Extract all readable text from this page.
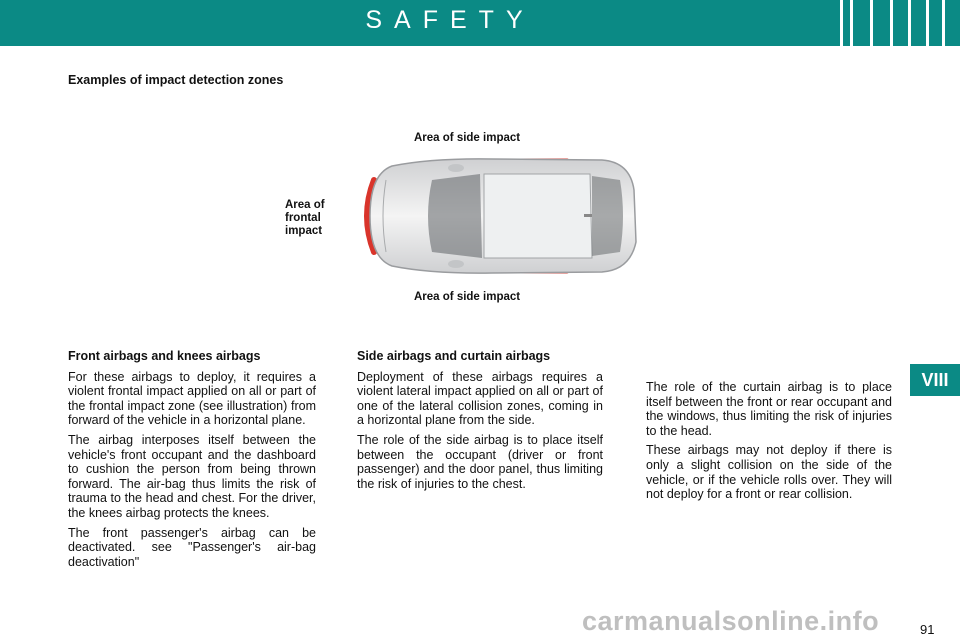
SAFETY
VIII
Examples of impact detection zones
Area of side impact
Area of
frontal
impact
Area of side impact
Front airbags and knees airbags

For these airbags to deploy, it requires a violent frontal impact applied on all or part of the frontal impact zone (see illustration) from forward of the vehicle in a horizontal plane.

The airbag interposes itself between the vehicle's front occupant and the dashboard to cushion the person from being thrown forward. The air-bag thus limits the risk of trauma to the head and chest. For the driver, the knees airbag protects the knees.

The front passenger's airbag can be deactivated. see "Passenger's air-bag deactivation"

Side airbags and curtain airbags

Deployment of these airbags requires a violent lateral impact applied on all or part of one of the lateral collision zones, coming in a horizontal plane from the side.

The role of the side airbag is to place itself between the occupant (driver or front passenger) and the door panel, thus limiting the risk of injuries to the chest.

The role of the curtain airbag is to place itself between the front or rear occupant and the windows, thus limiting the risk of injuries to the head.

These airbags may not deploy if there is only a slight collision on the side of the vehicle, or if the vehicle rolls over. They will not deploy for a front or rear collision.

carmanualsonline.info	91
